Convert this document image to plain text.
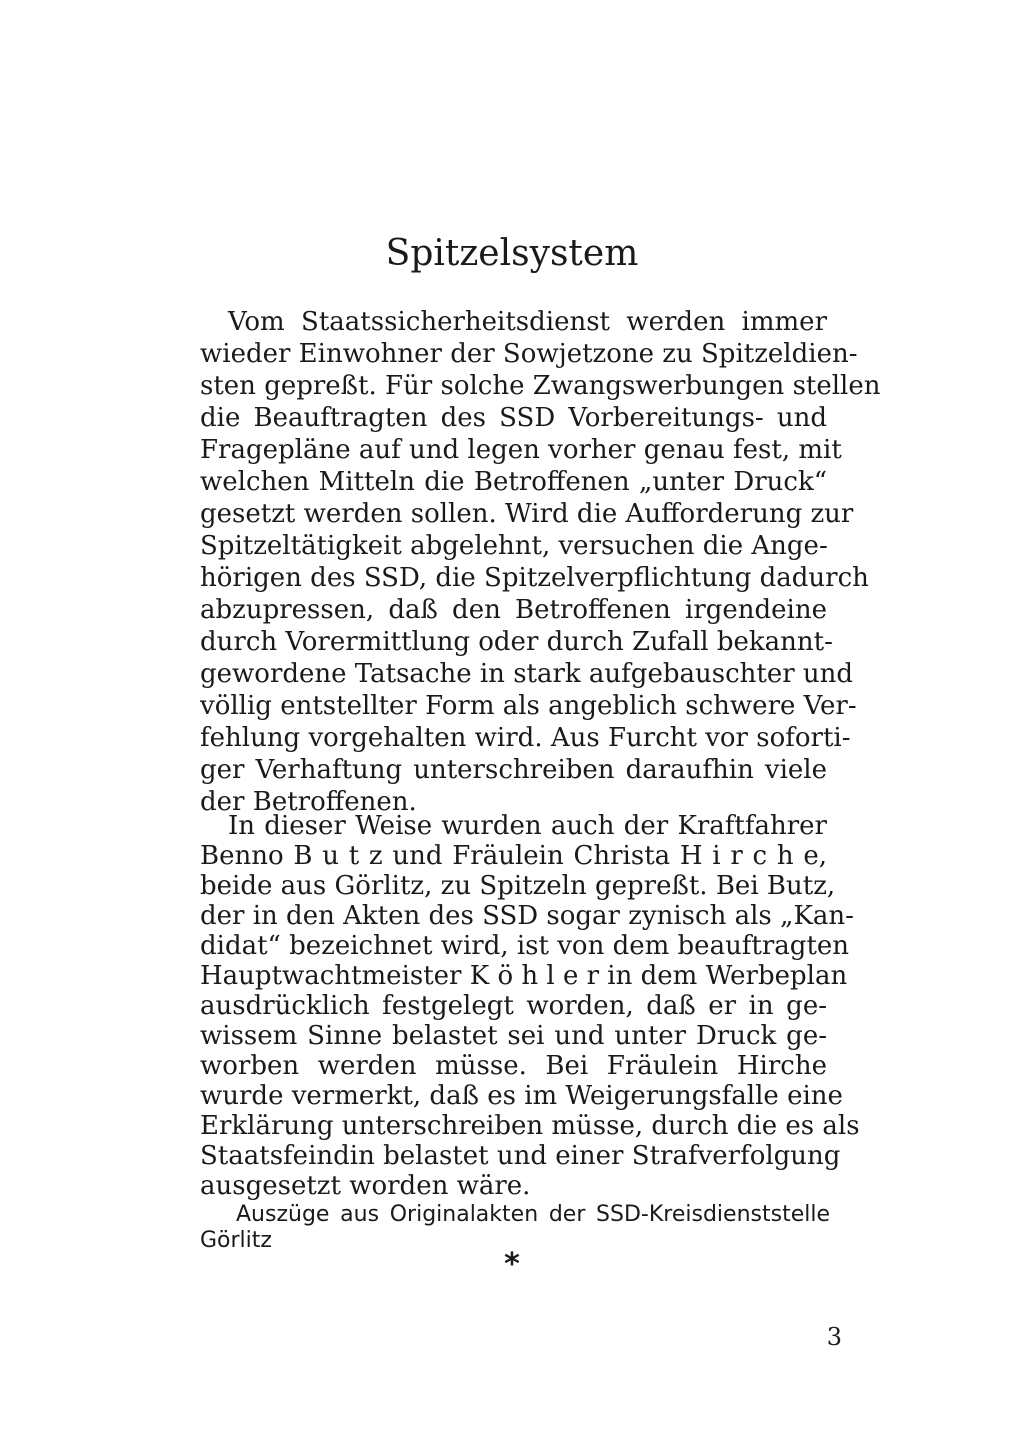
Spitzelsystem
Vom Staatssicherheitsdienst werden immer
wieder Einwohner der Sowjetzone zu Spitzeldien-
sten gepreßt. Für solche Zwangswerbungen stellen
die Beauftragten des SSD Vorbereitungs- und
Fragepläne auf und legen vorher genau fest, mit
welchen Mitteln die Betroffenen „unter Druck“
gesetzt werden sollen. Wird die Aufforderung zur
Spitzeltätigkeit abgelehnt, versuchen die Ange-
hörigen des SSD, die Spitzelverpflichtung dadurch
abzupressen, daß den Betroffenen irgendeine
durch Vorermittlung oder durch Zufall bekannt-
gewordene Tatsache in stark aufgebauschter und
völlig entstellter Form als angeblich schwere Ver-
fehlung vorgehalten wird. Aus Furcht vor soforti-
ger Verhaftung unterschreiben daraufhin viele
der Betroffenen.
In dieser Weise wurden auch der Kraftfahrer
Benno B u t z und Fräulein Christa H i r c h e,
beide aus Görlitz, zu Spitzeln gepreßt. Bei Butz,
der in den Akten des SSD sogar zynisch als „Kan-
didat“ bezeichnet wird, ist von dem beauftragten
Hauptwachtmeister K ö h l e r in dem Werbeplan
ausdrücklich festgelegt worden, daß er in ge-
wissem Sinne belastet sei und unter Druck ge-
worben werden müsse. Bei Fräulein Hirche
wurde vermerkt, daß es im Weigerungsfalle eine
Erklärung unterschreiben müsse, durch die es als
Staatsfeindin belastet und einer Strafverfolgung
ausgesetzt worden wäre.
Auszüge aus Originalakten der SSD-Kreisdienststelle
Görlitz
*
3
